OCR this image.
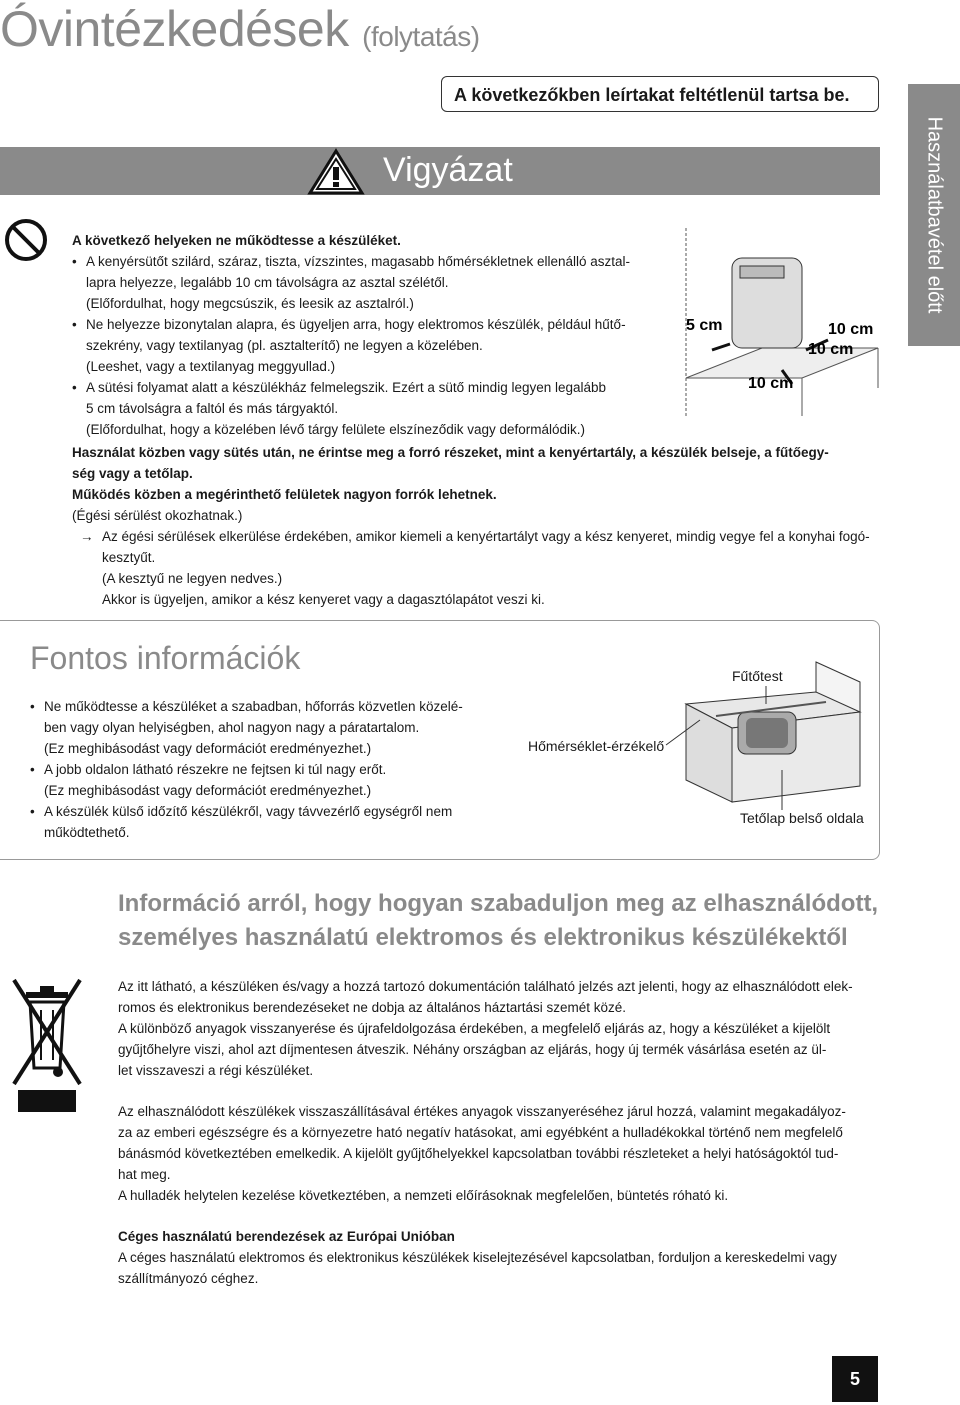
Óvintézkedések (folytatás)
A következőkben leírtakat feltétlenül tartsa be.
Vigyázat	Használatbavétel előtt
A következő helyeken ne működtesse a készüléket.
• A kenyérsütőt szilárd, száraz, tiszta, vízszintes, magasabb hőmérsékletnek ellenálló asztal-
lapra helyezze, legalább 10 cm távolságra az asztal szélétől.
(Előfordulhat, hogy megcsúszik, és leesik az asztalról.)
• Ne helyezze bizonytalan alapra, és ügyeljen arra, hogy elektromos készülék, például hűtő-
szekrény, vagy textilanyag (pl. asztalterítő) ne legyen a közelében.
(Leeshet, vagy a textilanyag meggyullad.)
• A sütési folyamat alatt a készülékház felmelegszik. Ezért a sütő mindig legyen legalább
5 cm távolságra a faltól és más tárgyaktól.
(Előfordulhat, hogy a közelében lévő tárgy felülete elszíneződik vagy deformálódik.)
5 cm	10 cm
10 cm
10 cm
Használat közben vagy sütés után, ne érintse meg a forró részeket, mint a kenyértartály, a készülék belseje, a fűtőegy-
ség vagy a tetőlap.
Működés közben a megérinthető felületek nagyon forrók lehetnek.
(Égési sérülést okozhatnak.)
→ Az égési sérülések elkerülése érdekében, amikor kiemeli a kenyértartályt vagy a kész kenyeret, mindig vegye fel a konyhai fogó-
kesztyűt.
(A kesztyű ne legyen nedves.)
Akkor is ügyeljen, amikor a kész kenyeret vagy a dagasztólapátot veszi ki.
Fontos információk
• Ne működtesse a készüléket a szabadban, hőforrás közvetlen közelé-
ben vagy olyan helyiségben, ahol nagyon nagy a páratartalom.
(Ez meghibásodást vagy deformációt eredményezhet.)
• A jobb oldalon látható részekre ne fejtsen ki túl nagy erőt.
(Ez meghibásodást vagy deformációt eredményezhet.)
• A készülék külső időzítő készülékről, vagy távvezérlő egységről nem
működtethető.
Fűtőtest
Hőmérséklet-érzékelő
Tetőlap belső oldala
Információ arról, hogy hogyan szabaduljon meg az elhasználódott,
személyes használatú elektromos és elektronikus készülékektől
Az itt látható, a készüléken és/vagy a hozzá tartozó dokumentáción található jelzés azt jelenti, hogy az elhasználódott elek-
romos és elektronikus berendezéseket ne dobja az általános háztartási szemét közé.
A különböző anyagok visszanyerése és újrafeldolgozása érdekében, a megfelelő eljárás az, hogy a készüléket a kijelölt
gyűjtőhelyre viszi, ahol azt díjmentesen átveszik. Néhány országban az eljárás, hogy új termék vásárlása esetén az ül-
let visszaveszi a régi készüléket.
Az elhasználódott készülékek visszaszállításával értékes anyagok visszanyeréséhez járul hozzá, valamint megakadályoz-
za az emberi egészségre és a környezetre ható negatív hatásokat, ami egyébként a hulladékokkal történő nem megfelelő
bánásmód következtében emelkedik. A kijelölt gyűjtőhelyekkel kapcsolatban további részleteket a helyi hatóságoktól tud-
hat meg.
A hulladék helytelen kezelése következtében, a nemzeti előírásoknak megfelelően, büntetés róható ki.
Céges használatú berendezések az Európai Unióban
A céges használatú elektromos és elektronikus készülékek kiselejtezésével kapcsolatban, forduljon a kereskedelmi vagy
szállítmányozó céghez.
5
